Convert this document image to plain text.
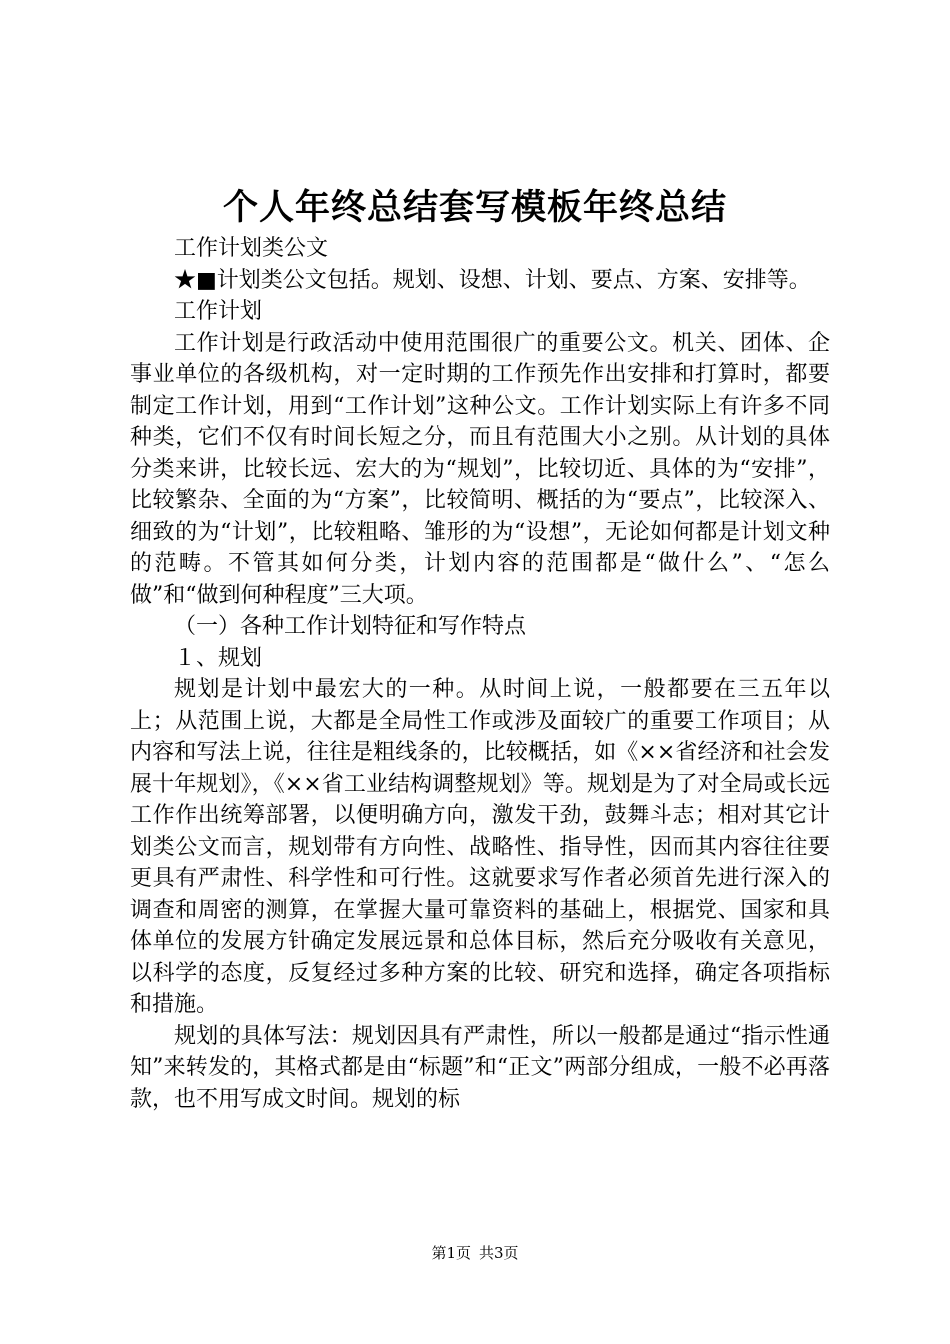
个人年终总结套写模板年终总结

工作计划类公文

★■计划类公文包括。规划、设想、计划、要点、方案、安排等。

工作计划

工作计划是行政活动中使用范围很广的重要公文。机关、团体、企事业单位的各级机构，对一定时期的工作预先作出安排和打算时，都要制定工作计划，用到“工作计划”这种公文。工作计划实际上有许多不同种类，它们不仅有时间长短之分，而且有范围大小之别。从计划的具体分类来讲，比较长远、宏大的为“规划”，比较切近、具体的为“安排”，比较繁杂、全面的为“方案”，比较简明、概括的为“要点”，比较深入、细致的为“计划”，比较粗略、雏形的为“设想”，无论如何都是计划文种的范畴。不管其如何分类，计划内容的范围都是“做什么”、“怎么做”和“做到何种程度”三大项。

（一）各种工作计划特征和写作特点

１、规划

规划是计划中最宏大的一种。从时间上说，一般都要在三五年以上；从范围上说，大都是全局性工作或涉及面较广的重要工作项目；从内容和写法上说，往往是粗线条的，比较概括，如《××省经济和社会发展十年规划》，《××省工业结构调整规划》等。规划是为了对全局或长远工作作出统筹部署，以便明确方向，激发干劲，鼓舞斗志；相对其它计划类公文而言，规划带有方向性、战略性、指导性，因而其内容往往要更具有严肃性、科学性和可行性。这就要求写作者必须首先进行深入的调查和周密的测算，在掌握大量可靠资料的基础上，根据党、国家和具体单位的发展方针确定发展远景和总体目标，然后充分吸收有关意见，以科学的态度，反复经过多种方案的比较、研究和选择，确定各项指标和措施。

规划的具体写法：规划因具有严肃性，所以一般都是通过“指示性通知”来转发的，其格式都是由“标题”和“正文”两部分组成，一般不必再落款，也不用写成文时间。规划的标

第1页 共3页
